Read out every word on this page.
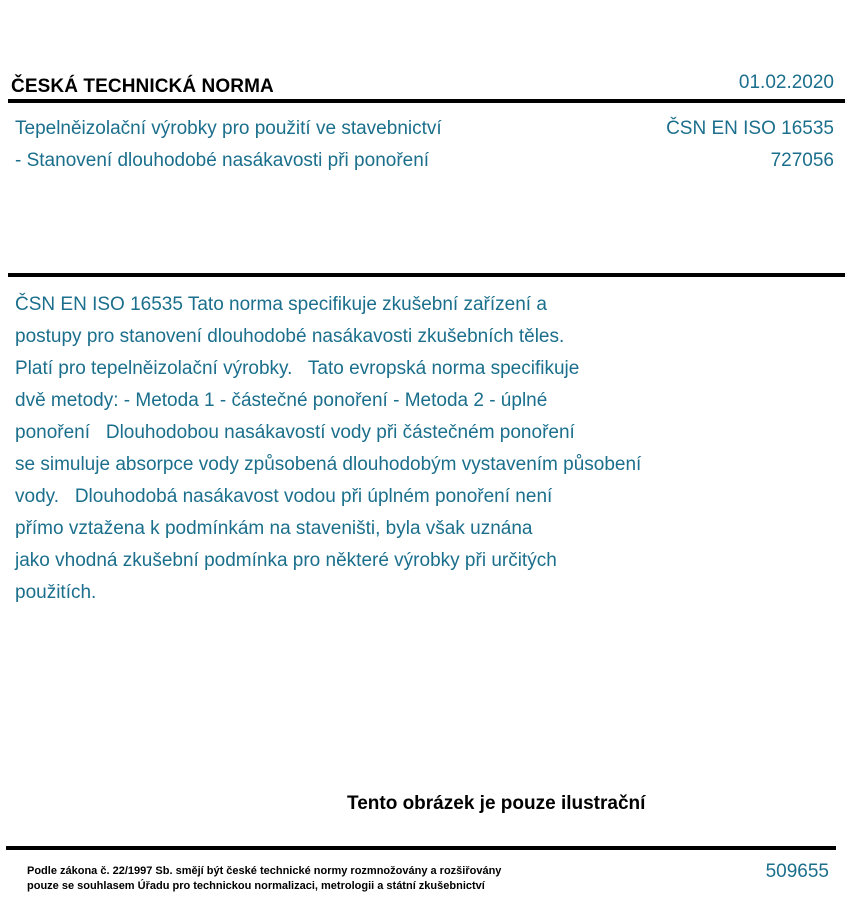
ČESKÁ TECHNICKÁ NORMA	01.02.2020
Tepelněizolační výrobky pro použití ve stavebnictví
- Stanovení dlouhodobé nasákavosti při ponoření
ČSN EN ISO 16535
727056
ČSN EN ISO 16535 Tato norma specifikuje zkušební zařízení a
postupy pro stanovení dlouhodobé nasákavosti zkušebních těles.
Platí pro tepelněizolační výrobky.   Tato evropská norma specifikuje
dvě metody: - Metoda 1 - částečné ponoření - Metoda 2 - úplné
ponoření   Dlouhodobou nasákavostí vody při částečném ponoření
se simuluje absorpce vody způsobená dlouhodobým vystavením působení
vody.   Dlouhodobá nasákavost vodou při úplném ponoření není
přímo vztažena k podmínkám na staveništi, byla však uznána
jako vhodná zkušební podmínka pro některé výrobky při určitých
použitích.
Tento obrázek je pouze ilustrační
Podle zákona č. 22/1997 Sb. smějí být české technické normy rozmnožovány a rozšiřovány
pouze se souhlasem Úřadu pro technickou normalizaci, metrologii a státní zkušebnictví
509655
